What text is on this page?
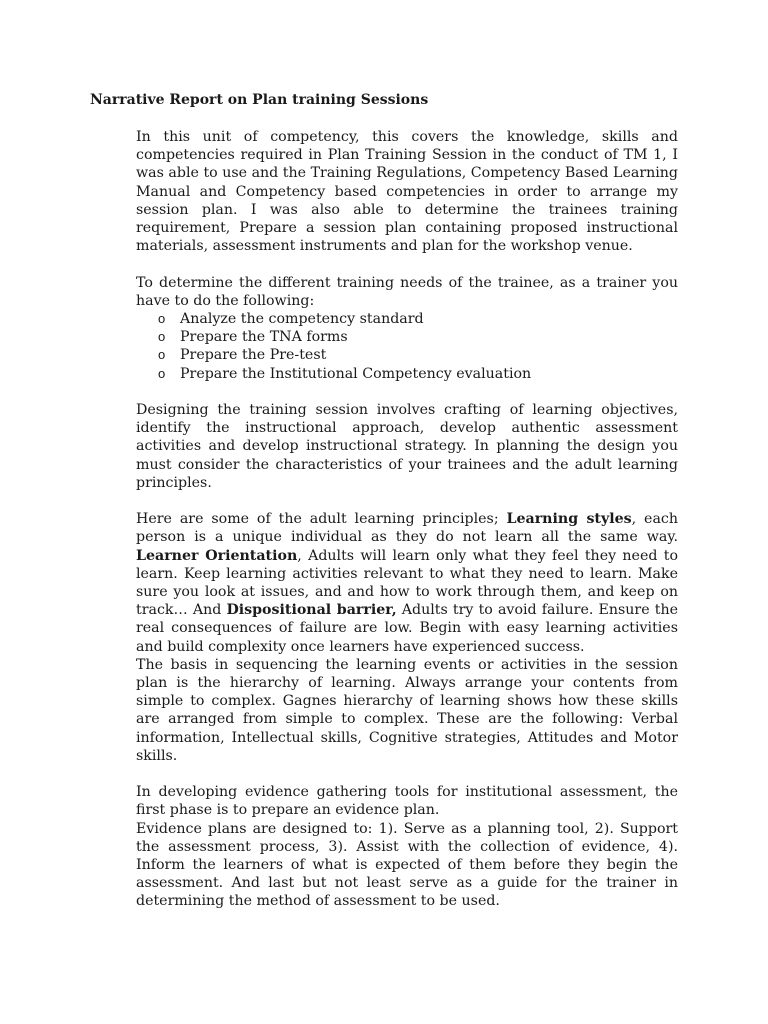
Narrative Report on Plan training Sessions

In this unit of competency, this covers the knowledge, skills and competencies required in Plan Training Session in the conduct of TM 1, I was able to use and the Training Regulations, Competency Based Learning Manual and Competency based competencies in order to arrange my session plan. I was also able to determine the trainees training requirement, Prepare a session plan containing proposed instructional materials, assessment instruments and plan for the workshop venue.

To determine the different training needs of the trainee, as a trainer you have to do the following:

o Analyze the competency standard
o Prepare the TNA forms
o Prepare the Pre-test
o Prepare the Institutional Competency evaluation

Designing the training session involves crafting of learning objectives, identify the instructional approach, develop authentic assessment activities and develop instructional strategy. In planning the design you must consider the characteristics of your trainees and the adult learning principles.

Here are some of the adult learning principles; Learning styles, each person is a unique individual as they do not learn all the same way. Learner Orientation, Adults will learn only what they feel they need to learn. Keep learning activities relevant to what they need to learn. Make sure you look at issues, and and how to work through them, and keep on track… And Dispositional barrier, Adults try to avoid failure. Ensure the real consequences of failure are low. Begin with easy learning activities and build complexity once learners have experienced success.

The basis in sequencing the learning events or activities in the session plan is the hierarchy of learning. Always arrange your contents from simple to complex. Gagnes hierarchy of learning shows how these skills are arranged from simple to complex. These are the following: Verbal information, Intellectual skills, Cognitive strategies, Attitudes and Motor skills.

In developing evidence gathering tools for institutional assessment, the first phase is to prepare an evidence plan.

Evidence plans are designed to: 1). Serve as a planning tool, 2). Support the assessment process, 3). Assist with the collection of evidence, 4). Inform the learners of what is expected of them before they begin the assessment. And last but not least serve as a guide for the trainer in determining the method of assessment to be used.
